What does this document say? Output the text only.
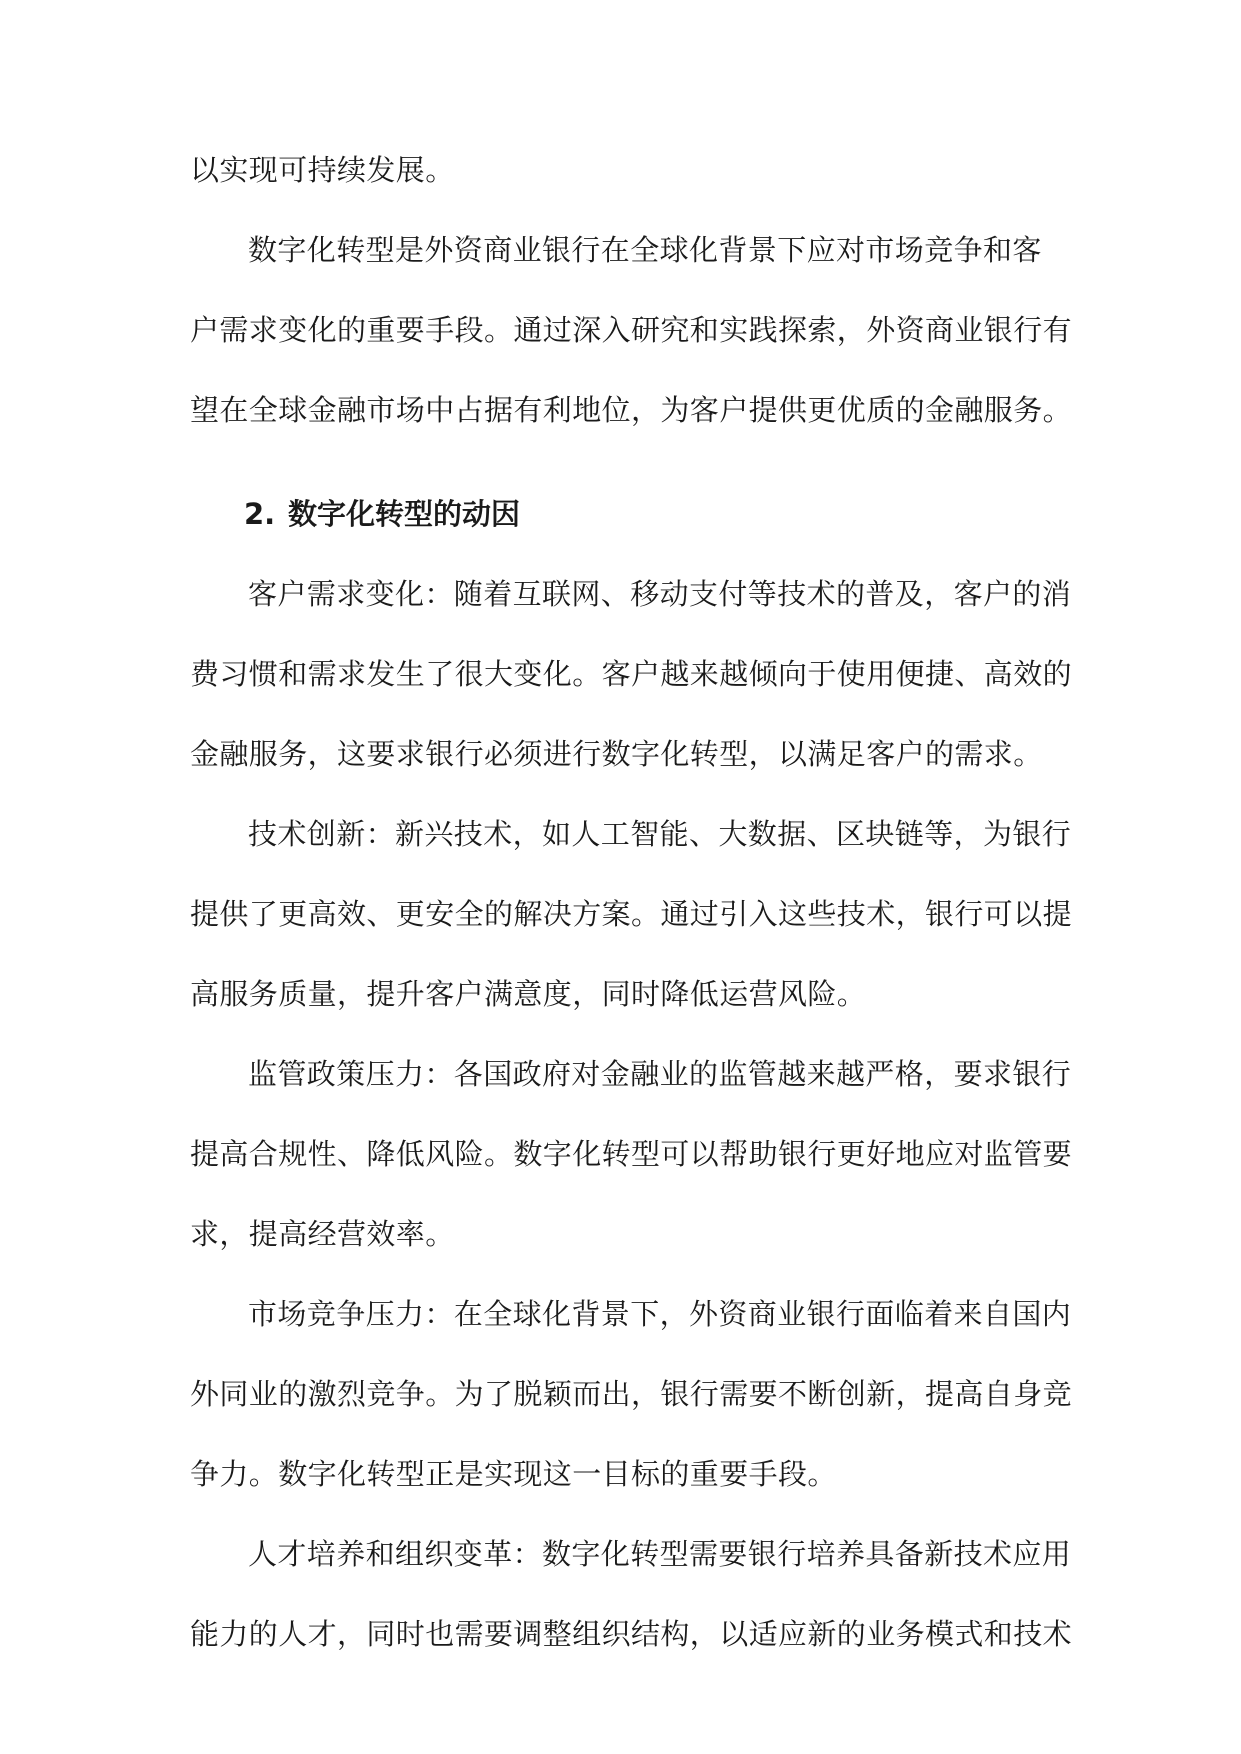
以实现可持续发展。
数字化转型是外资商业银行在全球化背景下应对市场竞争和客
户需求变化的重要手段。通过深入研究和实践探索，外资商业银行有
望在全球金融市场中占据有利地位，为客户提供更优质的金融服务。
2. 数字化转型的动因
客户需求变化：随着互联网、移动支付等技术的普及，客户的消
费习惯和需求发生了很大变化。客户越来越倾向于使用便捷、高效的
金融服务，这要求银行必须进行数字化转型，以满足客户的需求。
技术创新：新兴技术，如人工智能、大数据、区块链等，为银行
提供了更高效、更安全的解决方案。通过引入这些技术，银行可以提
高服务质量，提升客户满意度，同时降低运营风险。
监管政策压力：各国政府对金融业的监管越来越严格，要求银行
提高合规性、降低风险。数字化转型可以帮助银行更好地应对监管要
求，提高经营效率。
市场竞争压力：在全球化背景下，外资商业银行面临着来自国内
外同业的激烈竞争。为了脱颖而出，银行需要不断创新，提高自身竞
争力。数字化转型正是实现这一目标的重要手段。
人才培养和组织变革：数字化转型需要银行培养具备新技术应用
能力的人才，同时也需要调整组织结构，以适应新的业务模式和技术
